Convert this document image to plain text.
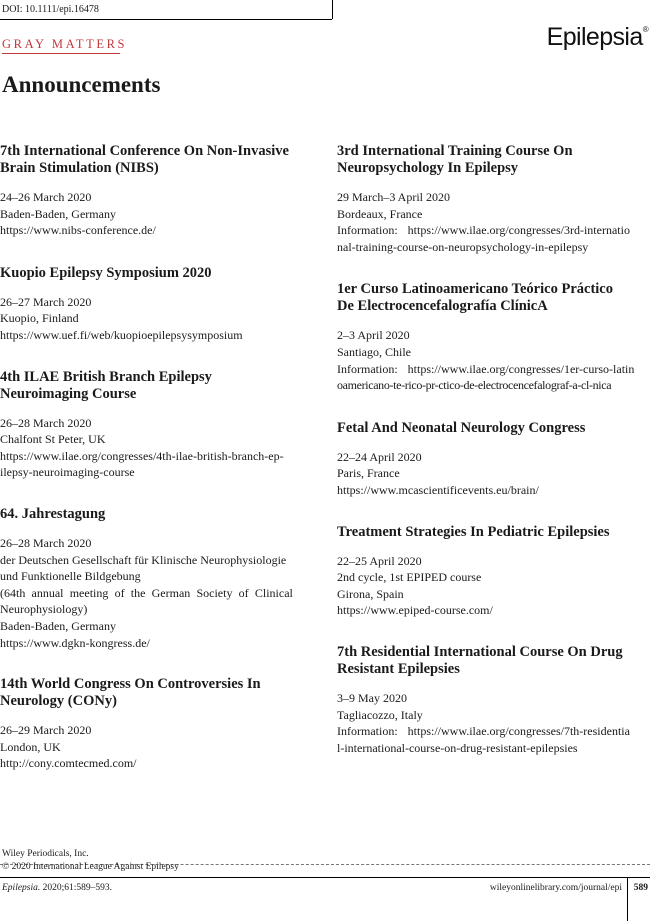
DOI: 10.1111/epi.16478
GRAY MATTERS	Epilepsia®
Announcements
7th International Conference On Non-Invasive
Brain Stimulation (NIBS)
24–26 March 2020
Baden-Baden, Germany
https://www.nibs-conference.de/
Kuopio Epilepsy Symposium 2020
26–27 March 2020
Kuopio, Finland
https://www.uef.fi/web/kuopioepilepsysymposium
4th ILAE British Branch Epilepsy
Neuroimaging Course
26–28 March 2020
Chalfont St Peter, UK
https://www.ilae.org/congresses/4th-ilae-british-branch-ep-
ilepsy-neuroimaging-course
64. Jahrestagung
26–28 March 2020
der Deutschen Gesellschaft für Klinische Neurophysiologie
und Funktionelle Bildgebung
(64th annual meeting of the German Society of Clinical
Neurophysiology)
Baden-Baden, Germany
https://www.dgkn-kongress.de/
14th World Congress On Controversies In
Neurology (CONy)
26–29 March 2020
London, UK
http://cony.comtecmed.com/
3rd International Training Course On
Neuropsychology In Epilepsy
29 March–3 April 2020
Bordeaux, France
Information: https://www.ilae.org/congresses/3rd-internatio
nal-training-course-on-neuropsychology-in-epilepsy
1er Curso Latinoamericano Teórico Práctico
De Electrocencefalografía ClínicA
2–3 April 2020
Santiago, Chile
Information: https://www.ilae.org/congresses/1er-curso-latin
oamericano-te-rico-pr-ctico-de-electrocencefalograf-a-cl-nica
Fetal And Neonatal Neurology Congress
22–24 April 2020
Paris, France
https://www.mcascientificevents.eu/brain/
Treatment Strategies In Pediatric Epilepsies
22–25 April 2020
2nd cycle, 1st EPIPED course
Girona, Spain
https://www.epiped-course.com/
7th Residential International Course On Drug
Resistant Epilepsies
3–9 May 2020
Tagliacozzo, Italy
Information: https://www.ilae.org/congresses/7th-residentia
l-international-course-on-drug-resistant-epilepsies
Wiley Periodicals, Inc.
© 2020 International League Against Epilepsy
Epilepsia. 2020;61:589–593.	wileyonlinelibrary.com/journal/epi 589
